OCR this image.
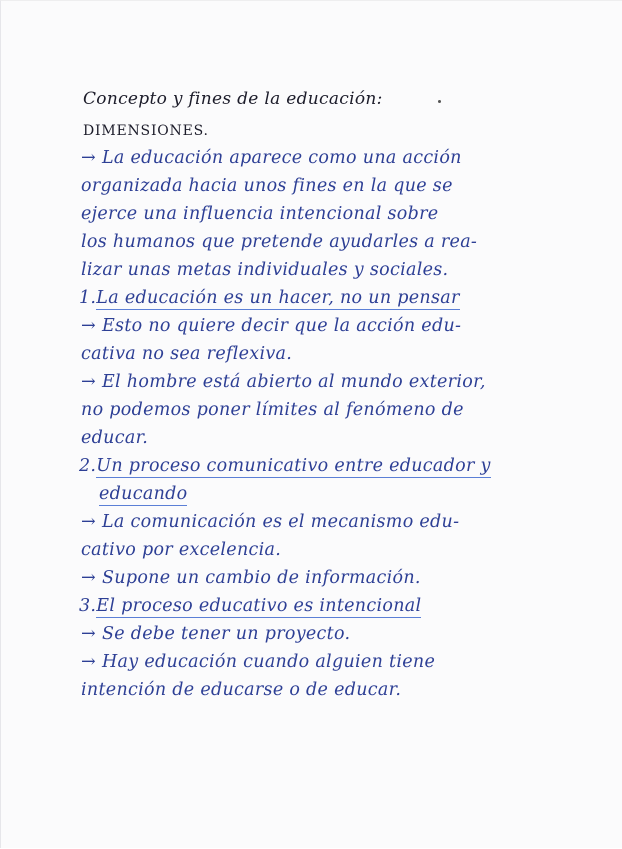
Concepto y fines de la educación:
DIMENSIONES.
→ La educación aparece como una acción
organizada hacia unos fines en la que se
ejerce una influencia intencional sobre
los humanos que pretende ayudarles a rea-
lizar unas metas individuales y sociales.
1.La educación es un hacer, no un pensar
→ Esto no quiere decir que la acción edu-
cativa no sea reflexiva.
→ El hombre está abierto al mundo exterior,
no podemos poner límites al fenómeno de
educar.
2.Un proceso comunicativo entre educador y
educando
→ La comunicación es el mecanismo edu-
cativo por excelencia.
→ Supone un cambio de información.
3.El proceso educativo es intencional
→ Se debe tener un proyecto.
→ Hay educación cuando alguien tiene
intención de educarse o de educar.
